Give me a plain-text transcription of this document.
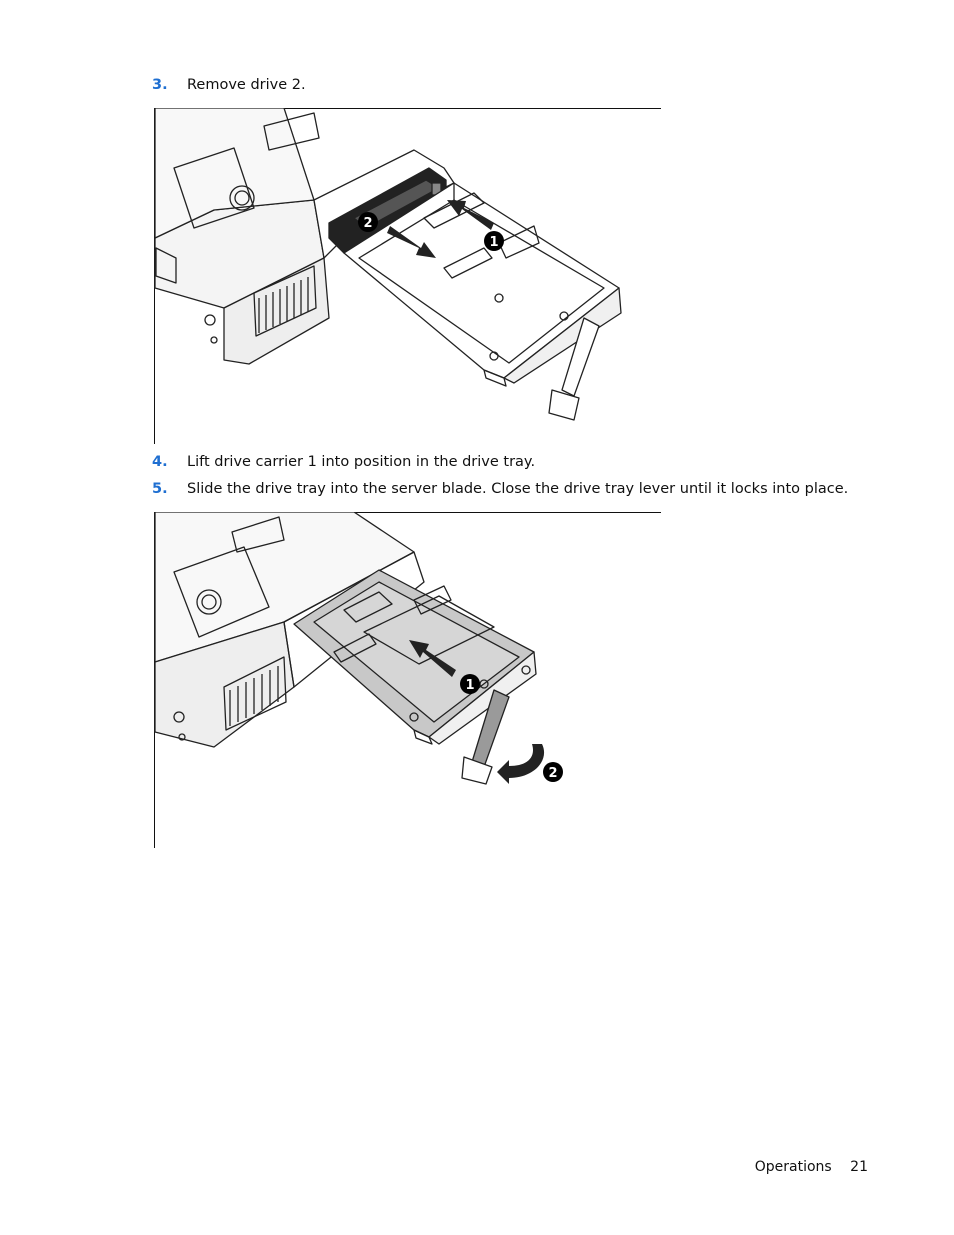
3. Remove drive 2.
2
1
4. Lift drive carrier 1 into position in the drive tray.
5. Slide the drive tray into the server blade. Close the drive tray lever until it locks into place.
1
2
Operations 21
